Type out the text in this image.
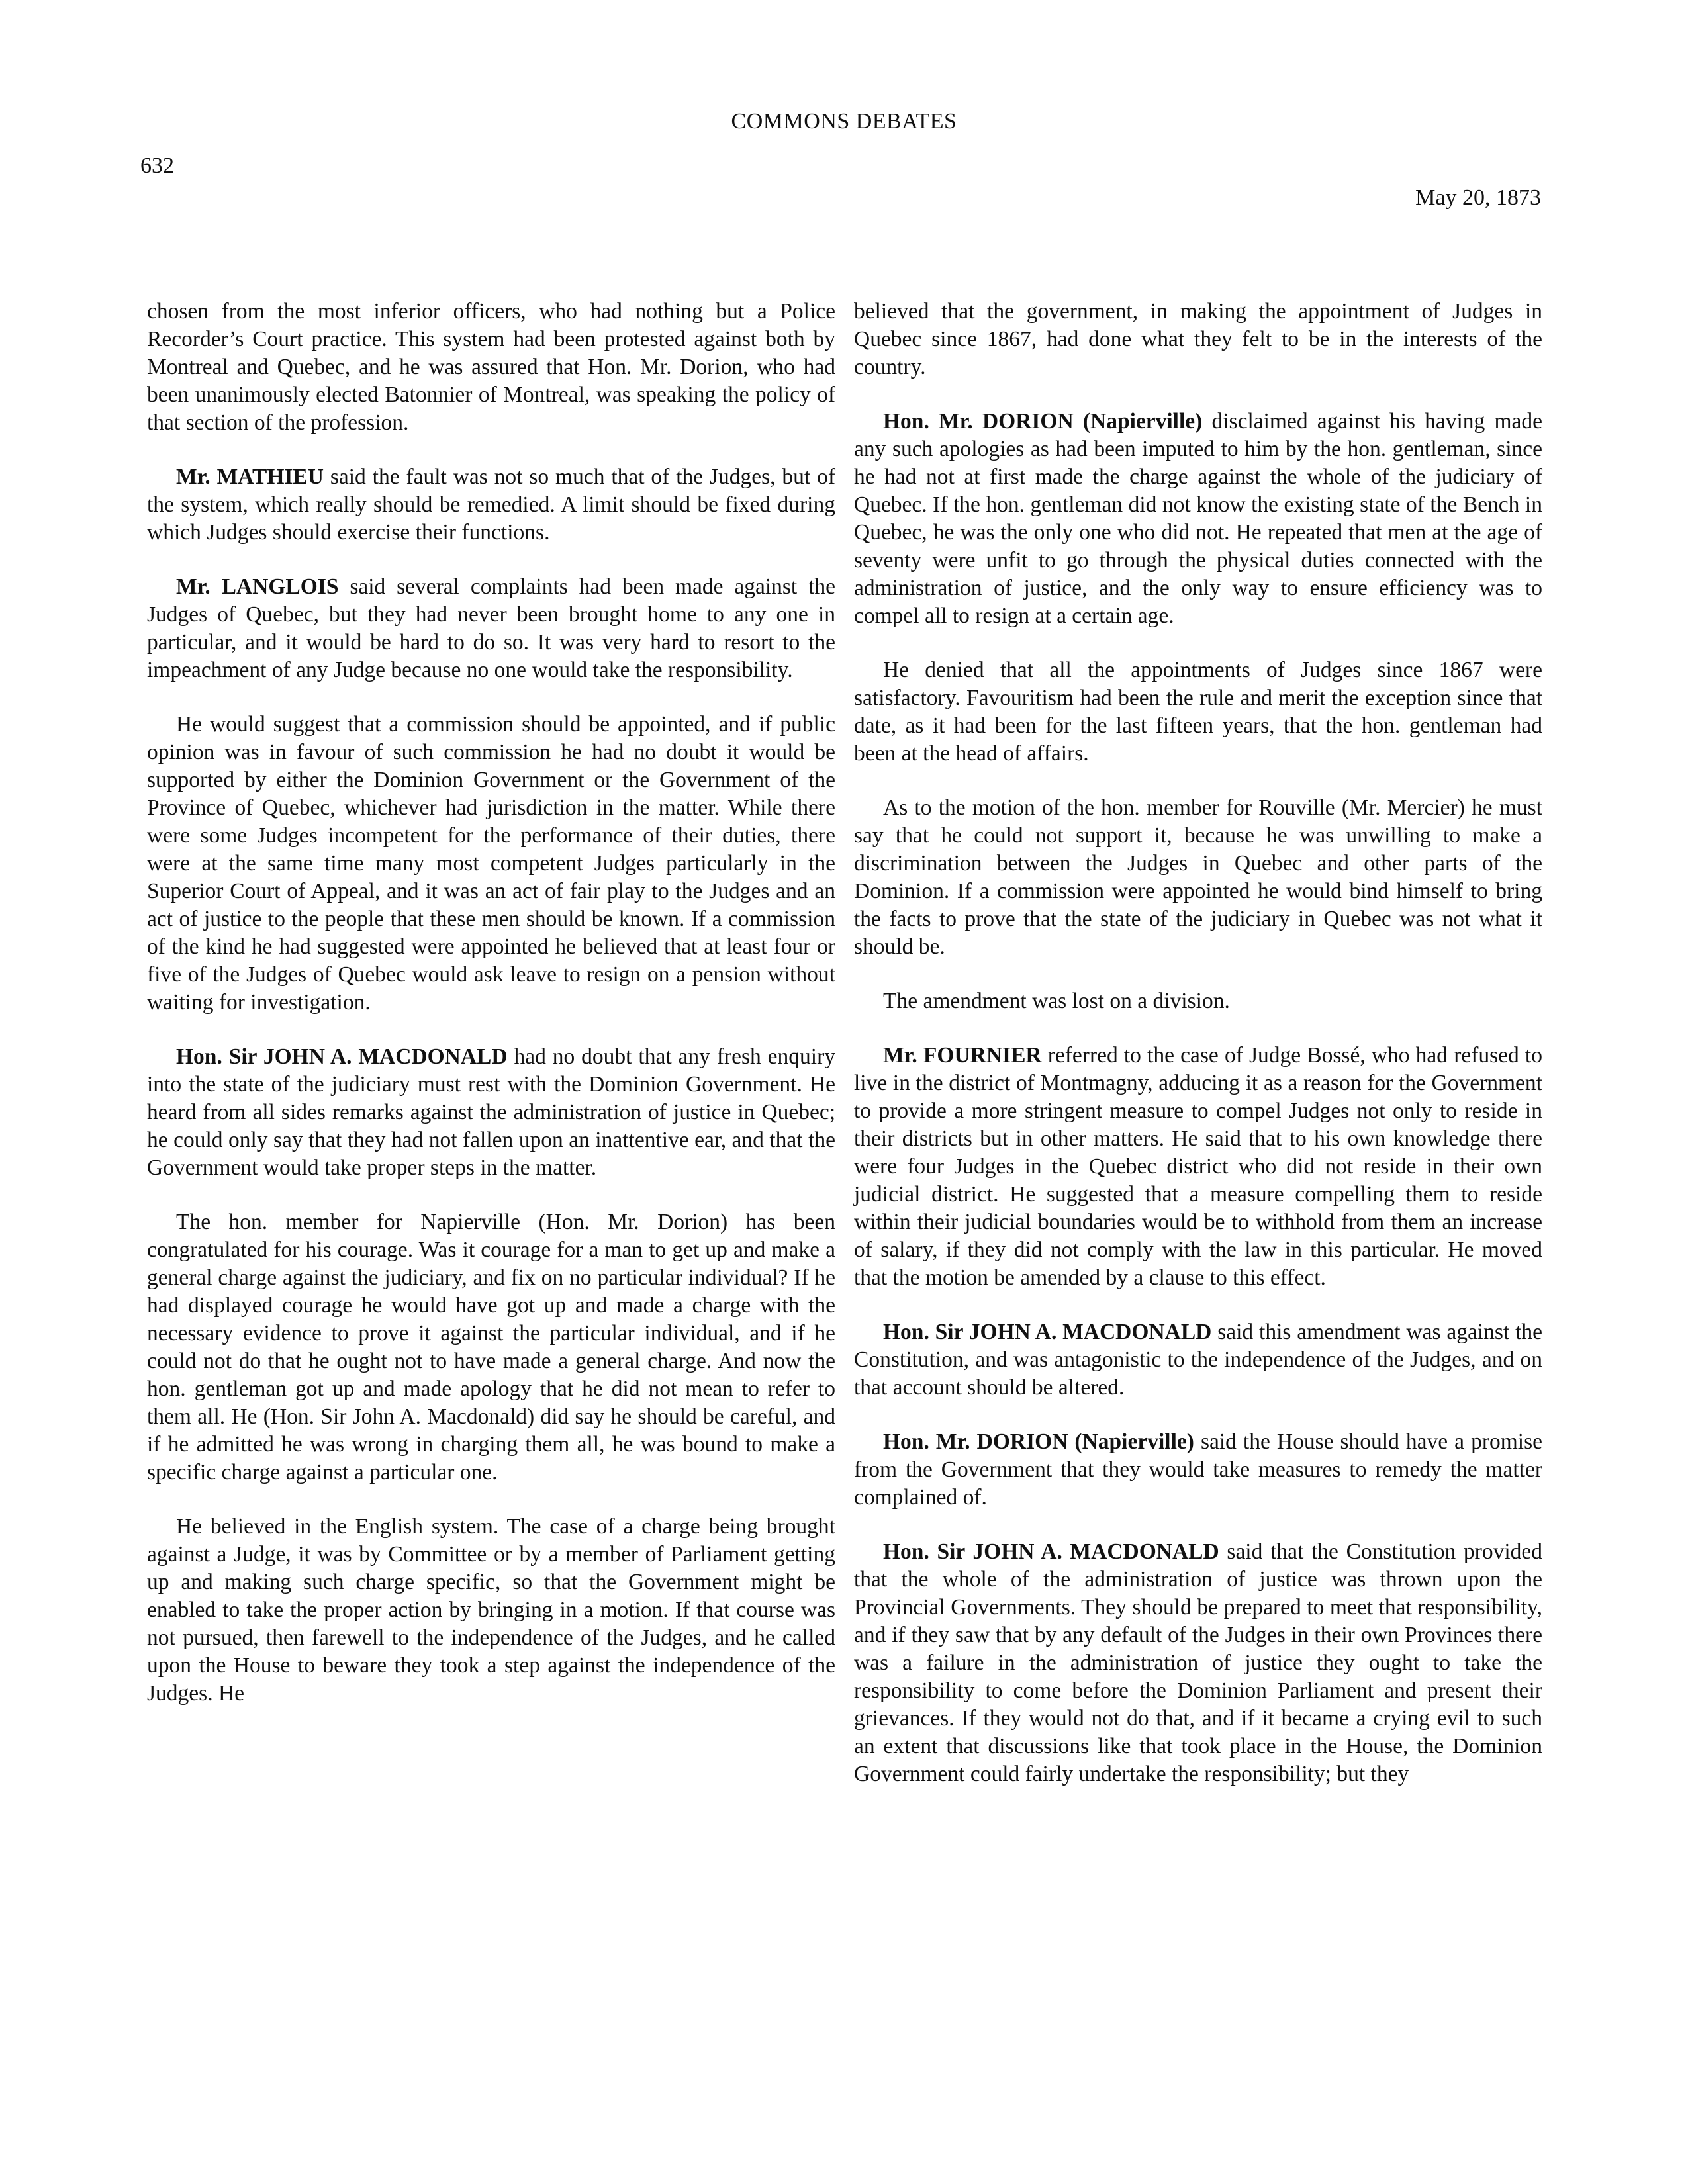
COMMONS DEBATES
632
May 20, 1873

chosen from the most inferior officers, who had nothing but a Police Recorder’s Court practice. This system had been protested against both by Montreal and Quebec, and he was assured that Hon. Mr. Dorion, who had been unanimously elected Batonnier of Montreal, was speaking the policy of that section of the profession.

Mr. MATHIEU said the fault was not so much that of the Judges, but of the system, which really should be remedied. A limit should be fixed during which Judges should exercise their functions.

Mr. LANGLOIS said several complaints had been made against the Judges of Quebec, but they had never been brought home to any one in particular, and it would be hard to do so. It was very hard to resort to the impeachment of any Judge because no one would take the responsibility.

He would suggest that a commission should be appointed, and if public opinion was in favour of such commission he had no doubt it would be supported by either the Dominion Government or the Government of the Province of Quebec, whichever had jurisdiction in the matter. While there were some Judges incompetent for the performance of their duties, there were at the same time many most competent Judges particularly in the Superior Court of Appeal, and it was an act of fair play to the Judges and an act of justice to the people that these men should be known. If a commission of the kind he had suggested were appointed he believed that at least four or five of the Judges of Quebec would ask leave to resign on a pension without waiting for investigation.

Hon. Sir JOHN A. MACDONALD had no doubt that any fresh enquiry into the state of the judiciary must rest with the Dominion Government. He heard from all sides remarks against the administration of justice in Quebec; he could only say that they had not fallen upon an inattentive ear, and that the Government would take proper steps in the matter.

The hon. member for Napierville (Hon. Mr. Dorion) has been congratulated for his courage. Was it courage for a man to get up and make a general charge against the judiciary, and fix on no particular individual? If he had displayed courage he would have got up and made a charge with the necessary evidence to prove it against the particular individual, and if he could not do that he ought not to have made a general charge. And now the hon. gentleman got up and made apology that he did not mean to refer to them all. He (Hon. Sir John A. Macdonald) did say he should be careful, and if he admitted he was wrong in charging them all, he was bound to make a specific charge against a particular one.

He believed in the English system. The case of a charge being brought against a Judge, it was by Committee or by a member of Parliament getting up and making such charge specific, so that the Government might be enabled to take the proper action by bringing in a motion. If that course was not pursued, then farewell to the independence of the Judges, and he called upon the House to beware they took a step against the independence of the Judges. He

believed that the government, in making the appointment of Judges in Quebec since 1867, had done what they felt to be in the interests of the country.

Hon. Mr. DORION (Napierville) disclaimed against his having made any such apologies as had been imputed to him by the hon. gentleman, since he had not at first made the charge against the whole of the judiciary of Quebec. If the hon. gentleman did not know the existing state of the Bench in Quebec, he was the only one who did not. He repeated that men at the age of seventy were unfit to go through the physical duties connected with the administration of justice, and the only way to ensure efficiency was to compel all to resign at a certain age.

He denied that all the appointments of Judges since 1867 were satisfactory. Favouritism had been the rule and merit the exception since that date, as it had been for the last fifteen years, that the hon. gentleman had been at the head of affairs.

As to the motion of the hon. member for Rouville (Mr. Mercier) he must say that he could not support it, because he was unwilling to make a discrimination between the Judges in Quebec and other parts of the Dominion. If a commission were appointed he would bind himself to bring the facts to prove that the state of the judiciary in Quebec was not what it should be.

The amendment was lost on a division.

Mr. FOURNIER referred to the case of Judge Bossé, who had refused to live in the district of Montmagny, adducing it as a reason for the Government to provide a more stringent measure to compel Judges not only to reside in their districts but in other matters. He said that to his own knowledge there were four Judges in the Quebec district who did not reside in their own judicial district. He suggested that a measure compelling them to reside within their judicial boundaries would be to withhold from them an increase of salary, if they did not comply with the law in this particular. He moved that the motion be amended by a clause to this effect.

Hon. Sir JOHN A. MACDONALD said this amendment was against the Constitution, and was antagonistic to the independence of the Judges, and on that account should be altered.

Hon. Mr. DORION (Napierville) said the House should have a promise from the Government that they would take measures to remedy the matter complained of.

Hon. Sir JOHN A. MACDONALD said that the Constitution provided that the whole of the administration of justice was thrown upon the Provincial Governments. They should be prepared to meet that responsibility, and if they saw that by any default of the Judges in their own Provinces there was a failure in the administration of justice they ought to take the responsibility to come before the Dominion Parliament and present their grievances. If they would not do that, and if it became a crying evil to such an extent that discussions like that took place in the House, the Dominion Government could fairly undertake the responsibility; but they
